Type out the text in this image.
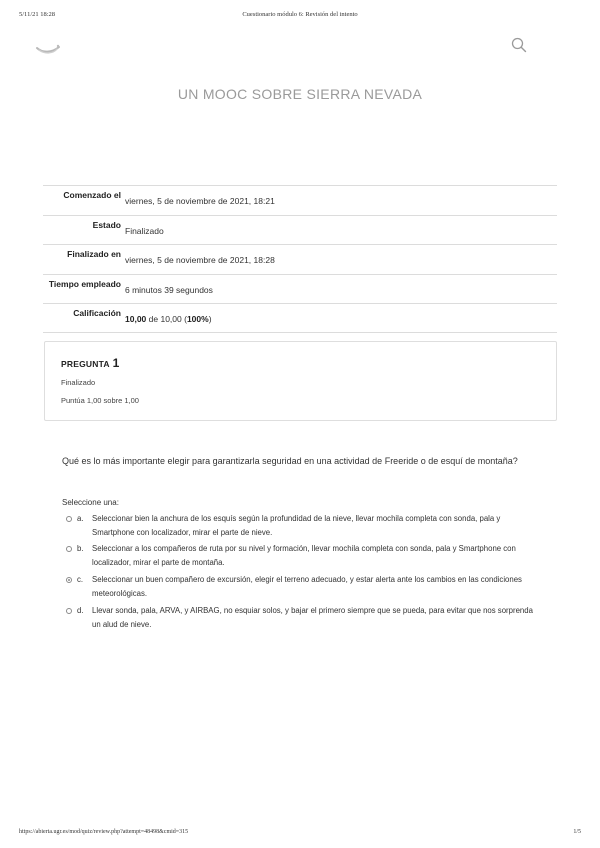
5/11/21 18:28	Cuestionario módulo 6: Revisión del intento
UN MOOC SOBRE SIERRA NEVADA
Comenzado el
viernes, 5 de noviembre de 2021, 18:21
Estado
Finalizado
Finalizado en
viernes, 5 de noviembre de 2021, 18:28
Tiempo empleado
6 minutos 39 segundos
Calificación
10,00 de 10,00 (100%)
PREGUNTA 1
Finalizado
Puntúa 1,00 sobre 1,00
Qué es lo más importante elegir para garantizarla seguridad en una actividad de Freeride o de esquí de montaña?
Seleccione una:
a. Seleccionar bien la anchura de los esquís según la profundidad de la nieve, llevar mochila completa con sonda, pala y Smartphone con localizador, mirar el parte de nieve.
b. Seleccionar a los compañeros de ruta por su nivel y formación, llevar mochila completa con sonda, pala y Smartphone con localizador, mirar el parte de montaña.
c. Seleccionar un buen compañero de excursión, elegir el terreno adecuado, y estar alerta ante los cambios en las condiciones meteorológicas.
d. Llevar sonda, pala, ARVA, y AIRBAG, no esquiar solos, y bajar el primero siempre que se pueda, para evitar que nos sorprenda un alud de nieve.
https://abierta.ugr.es/mod/quiz/review.php?attempt=48498&cmid=315	1/5
